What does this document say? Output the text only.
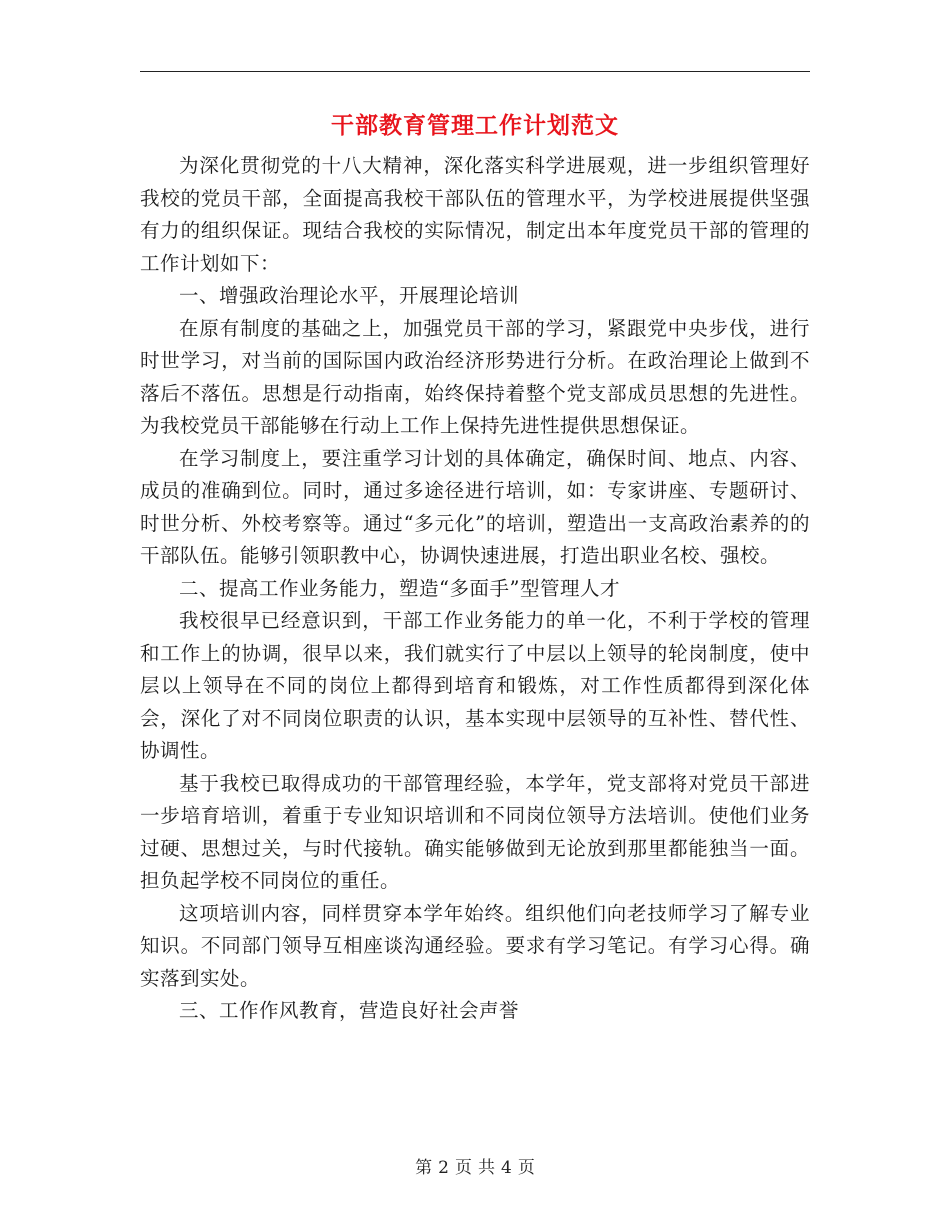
干部教育管理工作计划范文

为深化贯彻党的十八大精神，深化落实科学进展观，进一步组织管理好我校的党员干部，全面提高我校干部队伍的管理水平，为学校进展提供坚强有力的组织保证。现结合我校的实际情况，制定出本年度党员干部的管理的工作计划如下：

一、增强政治理论水平，开展理论培训

在原有制度的基础之上，加强党员干部的学习，紧跟党中央步伐，进行时世学习，对当前的国际国内政治经济形势进行分析。在政治理论上做到不落后不落伍。思想是行动指南，始终保持着整个党支部成员思想的先进性。为我校党员干部能够在行动上工作上保持先进性提供思想保证。

在学习制度上，要注重学习计划的具体确定，确保时间、地点、内容、成员的准确到位。同时，通过多途径进行培训，如：专家讲座、专题研讨、时世分析、外校考察等。通过“多元化”的培训，塑造出一支高政治素养的的干部队伍。能够引领职教中心，协调快速进展，打造出职业名校、强校。

二、提高工作业务能力，塑造“多面手”型管理人才

我校很早已经意识到，干部工作业务能力的单一化，不利于学校的管理和工作上的协调，很早以来，我们就实行了中层以上领导的轮岗制度，使中层以上领导在不同的岗位上都得到培育和锻炼，对工作性质都得到深化体会，深化了对不同岗位职责的认识，基本实现中层领导的互补性、替代性、协调性。

基于我校已取得成功的干部管理经验，本学年，党支部将对党员干部进一步培育培训，着重于专业知识培训和不同岗位领导方法培训。使他们业务过硬、思想过关，与时代接轨。确实能够做到无论放到那里都能独当一面。担负起学校不同岗位的重任。

这项培训内容，同样贯穿本学年始终。组织他们向老技师学习了解专业知识。不同部门领导互相座谈沟通经验。要求有学习笔记。有学习心得。确实落到实处。

三、工作作风教育，营造良好社会声誉

第 2 页 共 4 页
